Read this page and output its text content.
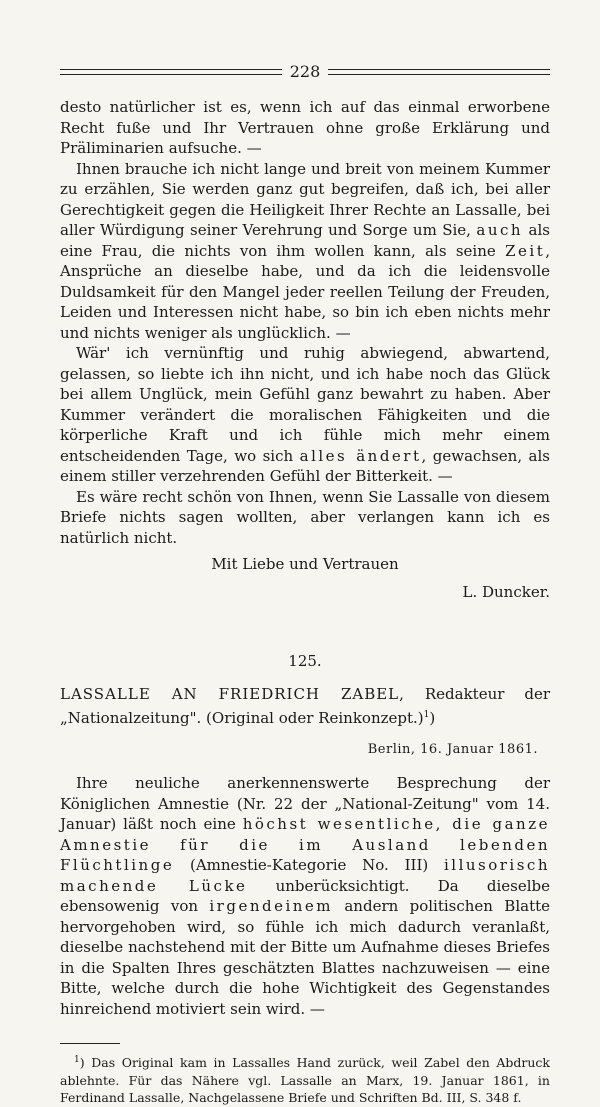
228

desto natürlicher ist es, wenn ich auf das einmal erworbene Recht fuße und Ihr Vertrauen ohne große Erklärung und Präliminarien aufsuche. —

Ihnen brauche ich nicht lange und breit von meinem Kummer zu erzählen, Sie werden ganz gut begreifen, daß ich, bei aller Gerechtigkeit gegen die Heiligkeit Ihrer Rechte an Lassalle, bei aller Würdigung seiner Verehrung und Sorge um Sie, auch als eine Frau, die nichts von ihm wollen kann, als seine Zeit, Ansprüche an dieselbe habe, und da ich die leidensvolle Duldsamkeit für den Mangel jeder reellen Teilung der Freuden, Leiden und Interessen nicht habe, so bin ich eben nichts mehr und nichts weniger als unglücklich. —

Wär' ich vernünftig und ruhig abwiegend, abwartend, gelassen, so liebte ich ihn nicht, und ich habe noch das Glück bei allem Unglück, mein Gefühl ganz bewahrt zu haben. Aber Kummer verändert die moralischen Fähigkeiten und die körperliche Kraft und ich fühle mich mehr einem entscheidenden Tage, wo sich alles ändert, gewachsen, als einem stiller verzehrenden Gefühl der Bitterkeit. —

Es wäre recht schön von Ihnen, wenn Sie Lassalle von diesem Briefe nichts sagen wollten, aber verlangen kann ich es natürlich nicht.

Mit Liebe und Vertrauen
L. Duncker.
125.
LASSALLE AN FRIEDRICH ZABEL, Redakteur der „Nationalzeitung". (Original oder Reinkonzept.)$^1$)
Berlin, 16. Januar 1861.

Ihre neuliche anerkennenswerte Besprechung der Königlichen Amnestie (Nr. 22 der „National-Zeitung" vom 14. Januar) läßt noch eine höchst wesentliche, die ganze Amnestie für die im Ausland lebenden Flüchtlinge (Amnestie-Kategorie No. III) illusorisch machende Lücke unberücksichtigt. Da dieselbe ebensowenig von irgendeinem andern politischen Blatte hervorgehoben wird, so fühle ich mich dadurch veranlaßt, dieselbe nachstehend mit der Bitte um Aufnahme dieses Briefes in die Spalten Ihres geschätzten Blattes nachzuweisen — eine Bitte, welche durch die hohe Wichtigkeit des Gegenstandes hinreichend motiviert sein wird. —

$^1$) Das Original kam in Lassalles Hand zurück, weil Zabel den Abdruck ablehnte. Für das Nähere vgl. Lassalle an Marx, 19. Januar 1861, in Ferdinand Lassalle, Nachgelassene Briefe und Schriften Bd. III, S. 348 f.
